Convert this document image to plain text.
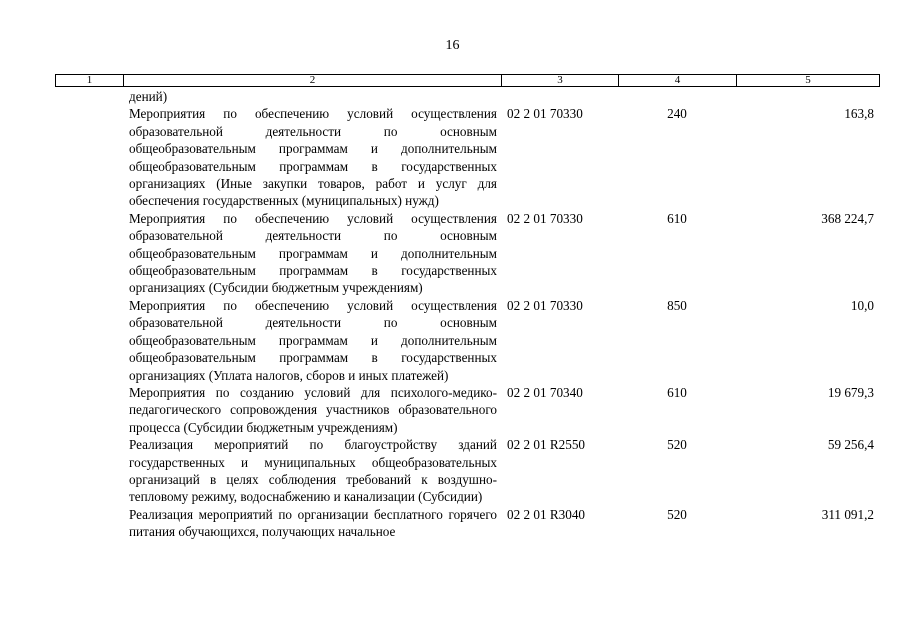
16
1	2	3	4	5
	дений)			
	Мероприятия по обеспечению условий осуществления образовательной деятельности по основным общеобразовательным программам и дополнительным общеобразовательным программам в государственных организациях (Иные закупки товаров, работ и услуг для обеспечения государственных (муниципальных) нужд)	02 2 01 70330	240	163,8
	Мероприятия по обеспечению условий осуществления образовательной деятельности по основным общеобразовательным программам и дополнительным общеобразовательным программам в государственных организациях (Субсидии бюджетным учреждениям)	02 2 01 70330	610	368 224,7
	Мероприятия по обеспечению условий осуществления образовательной деятельности по основным общеобразовательным программам и дополнительным общеобразовательным программам в государственных организациях (Уплата налогов, сборов и иных платежей)	02 2 01 70330	850	10,0
	Мероприятия по созданию условий для психолого-медико-педагогического сопровождения участников образовательного процесса (Субсидии бюджетным учреждениям)	02 2 01 70340	610	19 679,3
	Реализация мероприятий по благоустройству зданий государственных и муниципальных общеобразовательных организаций в целях соблюдения требований к воздушно-тепловому режиму, водоснабжению и канализации (Субсидии)	02 2 01 R2550	520	59 256,4
	Реализация мероприятий по организации бесплатного горячего питания обучающихся, получающих начальное	02 2 01 R3040	520	311 091,2
